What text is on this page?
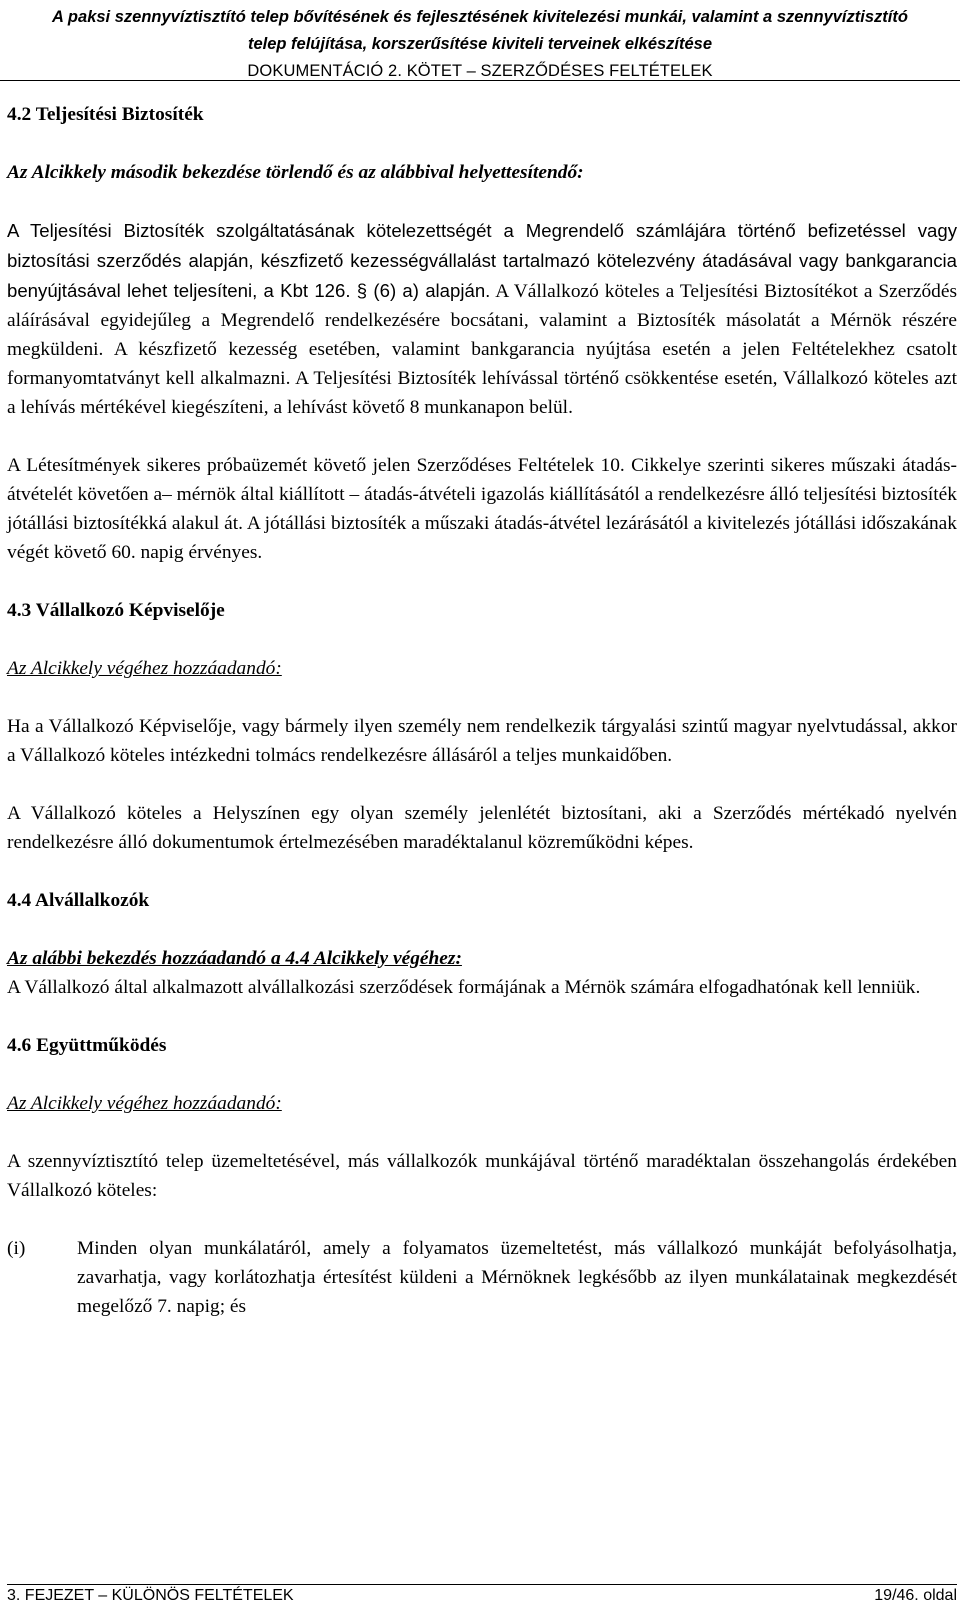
A paksi szennyvíztisztító telep bővítésének és fejlesztésének kivitelezési munkái, valamint a szennyvíztisztító
telep felújítása, korszerűsítése kiviteli terveinek elkészítése
DOKUMENTÁCIÓ 2. KÖTET – SZERZŐDÉSES FELTÉTELEK

4.2 Teljesítési Biztosíték

Az Alcikkely második bekezdése törlendő és az alábbival helyettesítendő:

A Teljesítési Biztosíték szolgáltatásának kötelezettségét a Megrendelő számlájára történő befizetéssel vagy biztosítási szerződés alapján, készfizető kezességvállalást tartalmazó kötelezvény átadásával vagy bankgarancia benyújtásával lehet teljesíteni, a Kbt 126. § (6) a) alapján. A Vállalkozó köteles a Teljesítési Biztosítékot a Szerződés aláírásával egyidejűleg a Megrendelő rendelkezésére bocsátani, valamint a Biztosíték másolatát a Mérnök részére megküldeni. A készfizető kezesség esetében, valamint bankgarancia nyújtása esetén a jelen Feltételekhez csatolt formanyomtatványt kell alkalmazni. A Teljesítési Biztosíték lehívással történő csökkentése esetén, Vállalkozó köteles azt a lehívás mértékével kiegészíteni, a lehívást követő 8 munkanapon belül.

A Létesítmények sikeres próbaüzemét követő jelen Szerződéses Feltételek 10. Cikkelye szerinti sikeres műszaki átadás-átvételét követően a– mérnök által kiállított – átadás-átvételi igazolás kiállításától a rendelkezésre álló teljesítési biztosíték jótállási biztosítékká alakul át. A jótállási biztosíték a műszaki átadás-átvétel lezárásától a kivitelezés jótállási időszakának végét követő 60. napig érvényes.

4.3 Vállalkozó Képviselője

Az Alcikkely végéhez hozzáadandó:

Ha a Vállalkozó Képviselője, vagy bármely ilyen személy nem rendelkezik tárgyalási szintű magyar nyelvtudással, akkor a Vállalkozó köteles intézkedni tolmács rendelkezésre állásáról a teljes munkaidőben.

A Vállalkozó köteles a Helyszínen egy olyan személy jelenlétét biztosítani, aki a Szerződés mértékadó nyelvén rendelkezésre álló dokumentumok értelmezésében maradéktalanul közreműködni képes.

4.4 Alvállalkozók

Az alábbi bekezdés hozzáadandó a 4.4 Alcikkely végéhez:

A Vállalkozó által alkalmazott alvállalkozási szerződések formájának a Mérnök számára elfogadhatónak kell lenniük.

4.6 Együttműködés

Az Alcikkely végéhez hozzáadandó:

A szennyvíztisztító telep üzemeltetésével, más vállalkozók munkájával történő maradéktalan összehangolás érdekében Vállalkozó köteles:

(i)	Minden olyan munkálatáról, amely a folyamatos üzemeltetést, más vállalkozó munkáját befolyásolhatja, zavarhatja, vagy korlátozhatja értesítést küldeni a Mérnöknek legkésőbb az ilyen munkálatainak megkezdését megelőző 7. napig; és
3. FEJEZET – KÜLÖNÖS FELTÉTELEK	19/46. oldal
